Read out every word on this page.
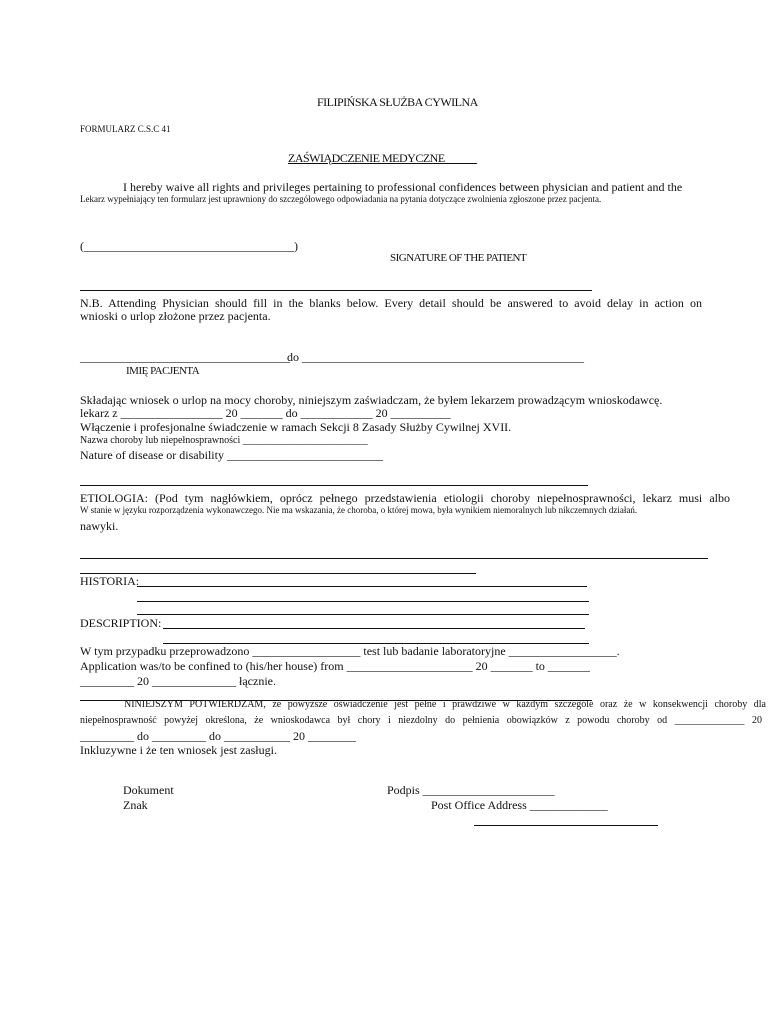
FILIPIŃSKA SŁUŻBA CYWILNA
FORMULARZ C.S.C 41
ZAŚWIĄDCZENIE MEDYCZNE _ _ _ _
I hereby waive all rights and privileges pertaining to professional confidences between physician and patient and the
Lekarz wypełniający ten formularz jest uprawniony do szczegółowego odpowiadania na pytania dotyczące zwolnienia zgłoszone przez pacjenta.
(___________________________________)
SIGNATURE OF THE PATIENT
N.B. Attending Physician should fill in the blanks below. Every detail should be answered to avoid delay in action on
wnioski o urlop złożone przez pacjenta.
___________________________________
do _______________________________________________
IMIĘ PACJENTA
Składając wniosek o urlop na mocy choroby, niniejszym zaświadczam, że byłem lekarzem prowadzącym wnioskodawcę.
lekarz z _________________ 20 _______ do ____________ 20 __________
Włączenie i profesjonalne świadczenie w ramach Sekcji 8 Zasady Służby Cywilnej XVII.
Nazwa choroby lub niepełnosprawności _________________________
Nature of disease or disability __________________________
ETIOLOGIA: (Pod tym nagłówkiem, oprócz pełnego przedstawienia etiologii choroby niepełnosprawności, lekarz musi albo
W stanie w języku rozporządzenia wykonawczego. Nie ma wskazania, że choroba, o której mowa, była wynikiem niemoralnych lub nikczemnych działań.
nawyki.
HISTORIA:
DESCRIPTION:
W tym przypadku przeprowadzono __________________ test lub badanie laboratoryjne __________________.
Application was/to be confined to (his/her house) from _____________________ 20 _______ to _______
_________ 20 ______________ łącznie.
NINIEJSZYM POTWIERDZAM, że powyższe oświadczenie jest pełne i prawdziwe w każdym szczególe oraz że w konsekwencji choroby dla
niepełnosprawność powyżej określona, że wnioskodawca był chory i niezdolny do pełnienia obowiązków z powodu choroby od ______________ 20
_________ do _________ do ___________ 20 ________
Inkluzywne i że ten wniosek jest zasługi.
Dokument
Znak
Podpis ______________________
Post Office Address _____________
